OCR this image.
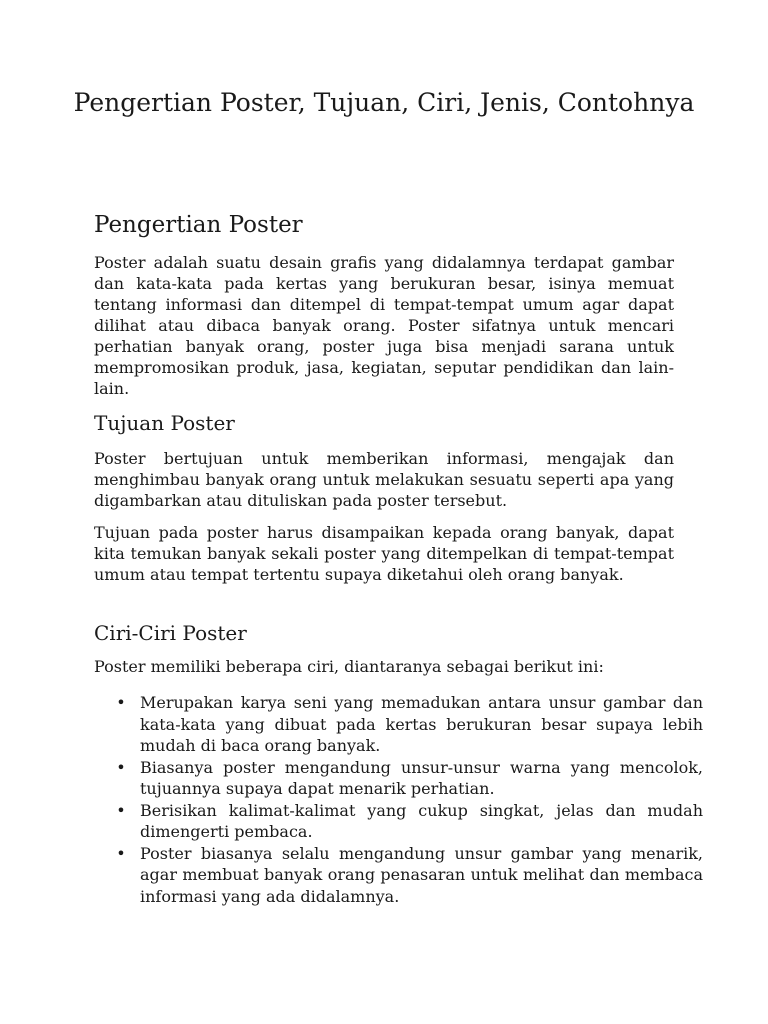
Pengertian Poster, Tujuan, Ciri, Jenis, Contohnya
Pengertian Poster

Poster adalah suatu desain grafis yang didalamnya terdapat gambar dan kata-kata pada kertas yang berukuran besar, isinya memuat tentang informasi dan ditempel di tempat-tempat umum agar dapat dilihat atau dibaca banyak orang. Poster sifatnya untuk mencari perhatian banyak orang, poster juga bisa menjadi sarana untuk mempromosikan produk, jasa, kegiatan, seputar pendidikan dan lain-lain.

Tujuan Poster

Poster bertujuan untuk memberikan informasi, mengajak dan menghimbau banyak orang untuk melakukan sesuatu seperti apa yang digambarkan atau dituliskan pada poster tersebut.

Tujuan pada poster harus disampaikan kepada orang banyak, dapat kita temukan banyak sekali poster yang ditempelkan di tempat-tempat umum atau tempat tertentu supaya diketahui oleh orang banyak.

Ciri-Ciri Poster

Poster memiliki beberapa ciri, diantaranya sebagai berikut ini:

• Merupakan karya seni yang memadukan antara unsur gambar dan kata-kata yang dibuat pada kertas berukuran besar supaya lebih mudah di baca orang banyak.
• Biasanya poster mengandung unsur-unsur warna yang mencolok, tujuannya supaya dapat menarik perhatian.
• Berisikan kalimat-kalimat yang cukup singkat, jelas dan mudah dimengerti pembaca.
• Poster biasanya selalu mengandung unsur gambar yang menarik, agar membuat banyak orang penasaran untuk melihat dan membaca informasi yang ada didalamnya.
